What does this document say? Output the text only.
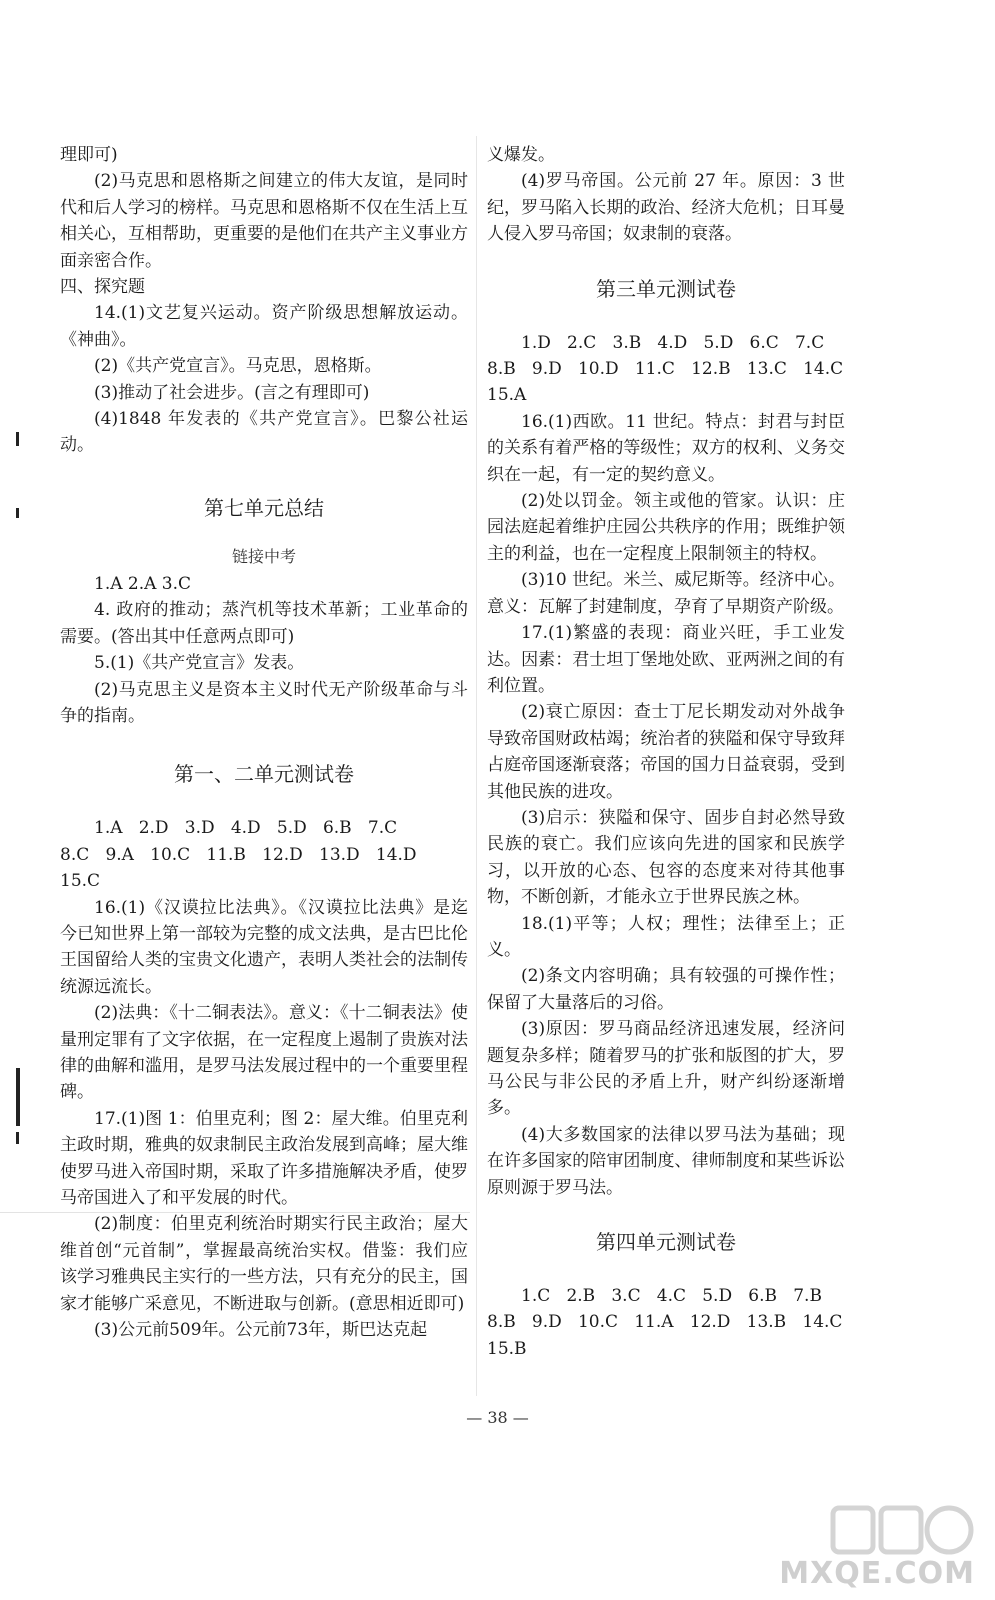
理即可)

(2)马克思和恩格斯之间建立的伟大友谊，是同时代和后人学习的榜样。马克思和恩格斯不仅在生活上互相关心，互相帮助，更重要的是他们在共产主义事业方面亲密合作。

四、探究题

14.(1)文艺复兴运动。资产阶级思想解放运动。《神曲》。

(2)《共产党宣言》。马克思，恩格斯。

(3)推动了社会进步。(言之有理即可)

(4)1848 年发表的《共产党宣言》。巴黎公社运动。

第七单元总结
链接中考

1.A 2.A 3.C

4. 政府的推动；蒸汽机等技术革新；工业革命的需要。(答出其中任意两点即可)

5.(1)《共产党宣言》发表。

(2)马克思主义是资本主义时代无产阶级革命与斗争的指南。

第一、二单元测试卷

1.A   2.D   3.D   4.D   5.D   6.B   7.C

8.C   9.A   10.C   11.B   12.D   13.D   14.D

15.C

16.(1)《汉谟拉比法典》。《汉谟拉比法典》是迄今已知世界上第一部较为完整的成文法典，是古巴比伦王国留给人类的宝贵文化遗产，表明人类社会的法制传统源远流长。

(2)法典：《十二铜表法》。意义：《十二铜表法》使量刑定罪有了文字依据，在一定程度上遏制了贵族对法律的曲解和滥用，是罗马法发展过程中的一个重要里程碑。

17.(1)图 1：伯里克利；图 2：屋大维。伯里克利主政时期，雅典的奴隶制民主政治发展到高峰；屋大维使罗马进入帝国时期，采取了许多措施解决矛盾，使罗马帝国进入了和平发展的时代。

(2)制度：伯里克利统治时期实行民主政治；屋大维首创“元首制”，掌握最高统治实权。借鉴：我们应该学习雅典民主实行的一些方法，只有充分的民主，国家才能够广采意见，不断进取与创新。(意思相近即可)

(3)公元前509年。公元前73年，斯巴达克起

义爆发。

(4)罗马帝国。公元前 27 年。原因：3 世纪，罗马陷入长期的政治、经济大危机；日耳曼人侵入罗马帝国；奴隶制的衰落。

第三单元测试卷

1.D   2.C   3.B   4.D   5.D   6.C   7.C

8.B   9.D   10.D   11.C   12.B   13.C   14.C

15.A

16.(1)西欧。11 世纪。特点：封君与封臣的关系有着严格的等级性；双方的权利、义务交织在一起，有一定的契约意义。

(2)处以罚金。领主或他的管家。认识：庄园法庭起着维护庄园公共秩序的作用；既维护领主的利益，也在一定程度上限制领主的特权。

(3)10 世纪。米兰、威尼斯等。经济中心。意义：瓦解了封建制度，孕育了早期资产阶级。

17.(1)繁盛的表现：商业兴旺，手工业发达。因素：君士坦丁堡地处欧、亚两洲之间的有利位置。

(2)衰亡原因：查士丁尼长期发动对外战争导致帝国财政枯竭；统治者的狭隘和保守导致拜占庭帝国逐渐衰落；帝国的国力日益衰弱，受到其他民族的进攻。

(3)启示：狭隘和保守、固步自封必然导致民族的衰亡。我们应该向先进的国家和民族学习，以开放的心态、包容的态度来对待其他事物，不断创新，才能永立于世界民族之林。

18.(1)平等；人权；理性；法律至上；正义。

(2)条文内容明确；具有较强的可操作性；保留了大量落后的习俗。

(3)原因：罗马商品经济迅速发展，经济问题复杂多样；随着罗马的扩张和版图的扩大，罗马公民与非公民的矛盾上升，财产纠纷逐渐增多。

(4)大多数国家的法律以罗马法为基础；现在许多国家的陪审团制度、律师制度和某些诉讼原则源于罗马法。

第四单元测试卷

1.C   2.B   3.C   4.C   5.D   6.B   7.B

8.B   9.D   10.C   11.A   12.D   13.B   14.C

15.B

— 38 —
MXQE.COM
